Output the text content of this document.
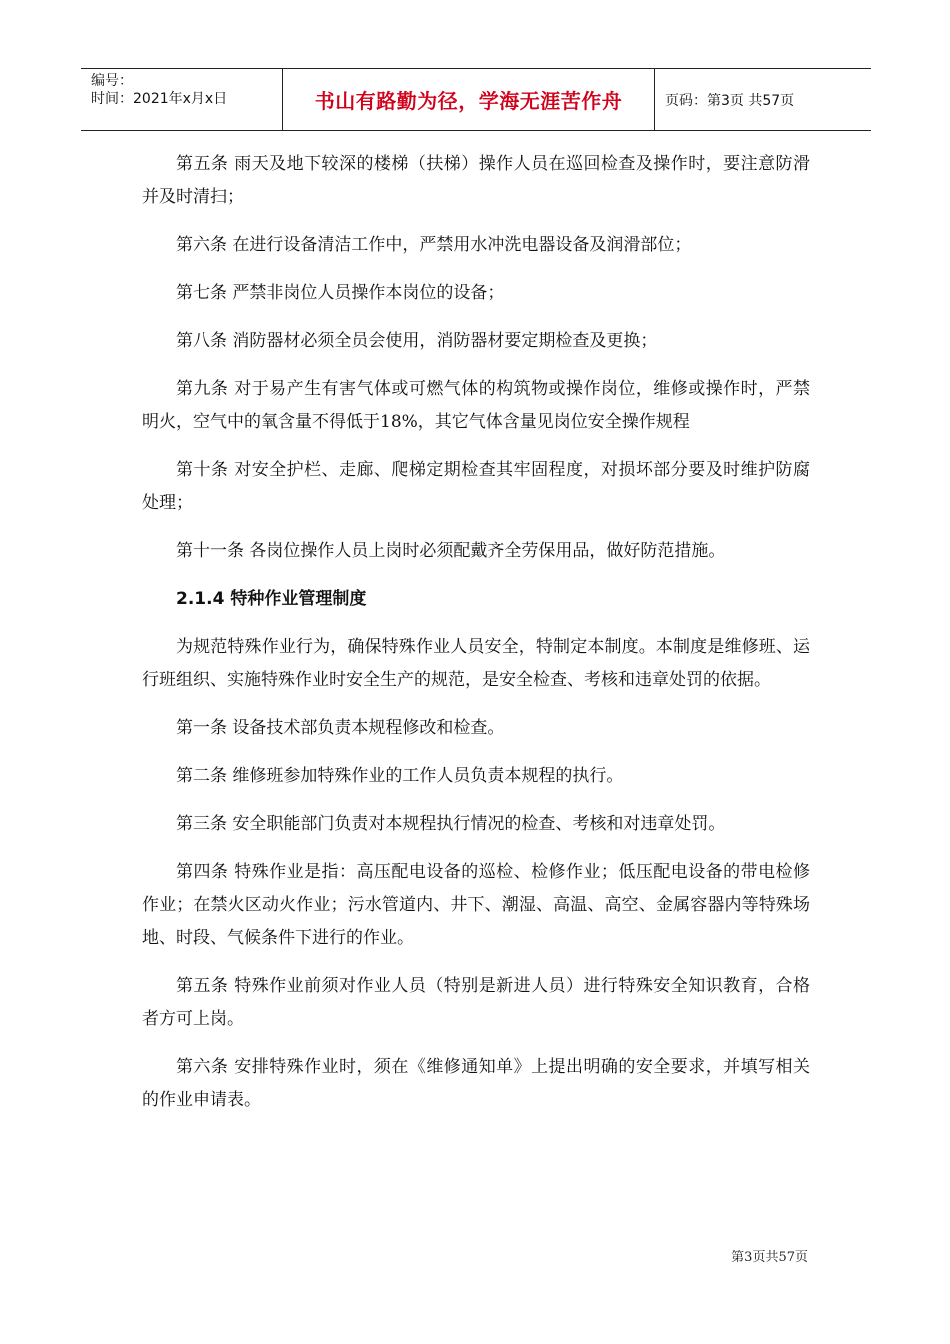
编号：
时间：2021年x月x日	书山有路勤为径，学海无涯苦作舟	页码：第3页 共57页
第五条 雨天及地下较深的楼梯（扶梯）操作人员在巡回检查及操作时，要注意防滑并及时清扫；
第六条 在进行设备清洁工作中，严禁用水冲洗电器设备及润滑部位；
第七条 严禁非岗位人员操作本岗位的设备；
第八条 消防器材必须全员会使用，消防器材要定期检查及更换；
第九条 对于易产生有害气体或可燃气体的构筑物或操作岗位，维修或操作时，严禁明火，空气中的氧含量不得低于18%，其它气体含量见岗位安全操作规程
第十条 对安全护栏、走廊、爬梯定期检查其牢固程度，对损坏部分要及时维护防腐处理；
第十一条 各岗位操作人员上岗时必须配戴齐全劳保用品，做好防范措施。
2.1.4 特种作业管理制度
为规范特殊作业行为，确保特殊作业人员安全，特制定本制度。本制度是维修班、运行班组织、实施特殊作业时安全生产的规范，是安全检查、考核和违章处罚的依据。
第一条 设备技术部负责本规程修改和检查。
第二条 维修班参加特殊作业的工作人员负责本规程的执行。
第三条 安全职能部门负责对本规程执行情况的检查、考核和对违章处罚。
第四条 特殊作业是指：高压配电设备的巡检、检修作业；低压配电设备的带电检修作业；在禁火区动火作业；污水管道内、井下、潮湿、高温、高空、金属容器内等特殊场地、时段、气候条件下进行的作业。
第五条 特殊作业前须对作业人员（特别是新进人员）进行特殊安全知识教育，合格者方可上岗。
第六条 安排特殊作业时，须在《维修通知单》上提出明确的安全要求，并填写相关的作业申请表。
第3页共57页
